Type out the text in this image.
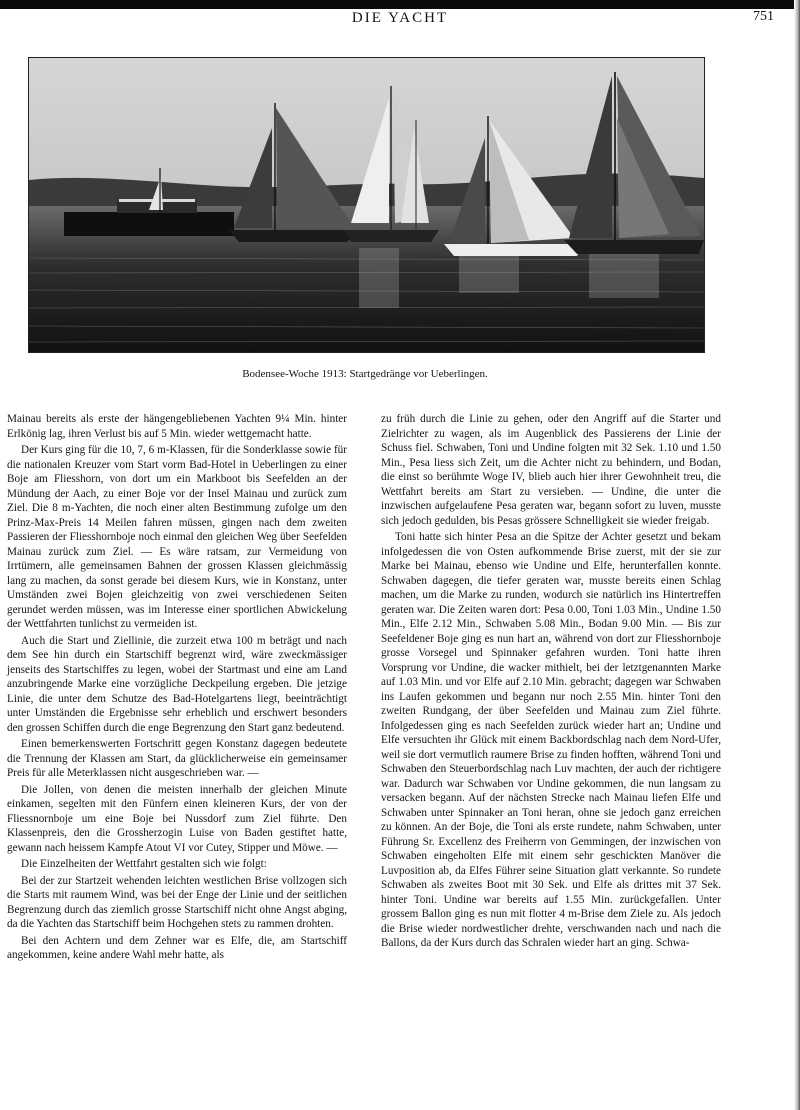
DIE YACHT	751
Bodensee-Woche 1913: Startgedränge vor Ueberlingen.

Mainau bereits als erste der hängengebliebenen Yachten 9¼ Min. hinter Erlkönig lag, ihren Verlust bis auf 5 Min. wieder wettgemacht hatte.

Der Kurs ging für die 10, 7, 6 m-Klassen, für die Sonderklasse sowie für die nationalen Kreuzer vom Start vorm Bad-Hotel in Ueberlingen zu einer Boje am Fliesshorn, von dort um ein Markboot bis Seefelden an der Mündung der Aach, zu einer Boje vor der Insel Mainau und zurück zum Ziel. Die 8 m-Yachten, die noch einer alten Bestimmung zufolge um den Prinz-Max-Preis 14 Meilen fahren müssen, gingen nach dem zweiten Passieren der Fliesshornboje noch einmal den gleichen Weg über Seefelden Mainau zurück zum Ziel. — Es wäre ratsam, zur Vermeidung von Irrtümern, alle gemeinsamen Bahnen der grossen Klassen gleichmässig lang zu machen, da sonst gerade bei diesem Kurs, wie in Konstanz, unter Umständen zwei Bojen gleichzeitig von zwei verschiedenen Seiten gerundet werden müssen, was im Interesse einer sportlichen Abwickelung der Wettfahrten tunlichst zu vermeiden ist.

Auch die Start und Ziellinie, die zurzeit etwa 100 m beträgt und nach dem See hin durch ein Startschiff begrenzt wird, wäre zweckmässiger jenseits des Startschiffes zu legen, wobei der Startmast und eine am Land anzubringende Marke eine vorzügliche Deckpeilung ergeben. Die jetzige Linie, die unter dem Schutze des Bad-Hotelgartens liegt, beeinträchtigt unter Umständen die Ergebnisse sehr erheblich und erschwert besonders den grossen Schiffen durch die enge Begrenzung den Start ganz bedeutend.

Einen bemerkenswerten Fortschritt gegen Konstanz dagegen bedeutete die Trennung der Klassen am Start, da glücklicherweise ein gemeinsamer Preis für alle Meterklassen nicht ausgeschrieben war. —

Die Jollen, von denen die meisten innerhalb der gleichen Minute einkamen, segelten mit den Fünfern einen kleineren Kurs, der von der Fliessnornboje um eine Boje bei Nussdorf zum Ziel führte. Den Klassenpreis, den die Grossherzogin Luise von Baden gestiftet hatte, gewann nach heissem Kampfe Atout VI vor Cutey, Stipper und Möwe. —

Die Einzelheiten der Wettfahrt gestalten sich wie folgt:

Bei der zur Startzeit wehenden leichten westlichen Brise vollzogen sich die Starts mit raumem Wind, was bei der Enge der Linie und der seitlichen Begrenzung durch das ziemlich grosse Startschiff nicht ohne Angst abging, da die Yachten das Startschiff beim Hochgehen stets zu rammen drohten.

Bei den Achtern und dem Zehner war es Elfe, die, am Startschiff angekommen, keine andere Wahl mehr hatte, als

zu früh durch die Linie zu gehen, oder den Angriff auf die Starter und Zielrichter zu wagen, als im Augenblick des Passierens der Linie der Schuss fiel. Schwaben, Toni und Undine folgten mit 32 Sek. 1.10 und 1.50 Min., Pesa liess sich Zeit, um die Achter nicht zu behindern, und Bodan, die einst so berühmte Woge IV, blieb auch hier ihrer Gewohnheit treu, die Wettfahrt bereits am Start zu versieben. — Undine, die unter die inzwischen aufgelaufene Pesa geraten war, begann sofort zu luven, musste sich jedoch gedulden, bis Pesas grössere Schnelligkeit sie wieder freigab.

Toni hatte sich hinter Pesa an die Spitze der Achter gesetzt und bekam infolgedessen die von Osten aufkommende Brise zuerst, mit der sie zur Marke bei Mainau, ebenso wie Undine und Elfe, herunterfallen konnte. Schwaben dagegen, die tiefer geraten war, musste bereits einen Schlag machen, um die Marke zu runden, wodurch sie natürlich ins Hintertreffen geraten war. Die Zeiten waren dort: Pesa 0.00, Toni 1.03 Min., Undine 1.50 Min., Elfe 2.12 Min., Schwaben 5.08 Min., Bodan 9.00 Min. — Bis zur Seefeldener Boje ging es nun hart an, während von dort zur Fliesshornboje grosse Vorsegel und Spinnaker gefahren wurden. Toni hatte ihren Vorsprung vor Undine, die wacker mithielt, bei der letztgenannten Marke auf 1.03 Min. und vor Elfe auf 2.10 Min. gebracht; dagegen war Schwaben ins Laufen gekommen und begann nur noch 2.55 Min. hinter Toni den zweiten Rundgang, der über Seefelden und Mainau zum Ziel führte. Infolgedessen ging es nach Seefelden zurück wieder hart an; Undine und Elfe versuchten ihr Glück mit einem Backbordschlag nach dem Nord-Ufer, weil sie dort vermutlich raumere Brise zu finden hofften, während Toni und Schwaben den Steuerbordschlag nach Luv machten, der auch der richtigere war. Dadurch war Schwaben vor Undine gekommen, die nun langsam zu versacken begann. Auf der nächsten Strecke nach Mainau liefen Elfe und Schwaben unter Spinnaker an Toni heran, ohne sie jedoch ganz erreichen zu können. An der Boje, die Toni als erste rundete, nahm Schwaben, unter Führung Sr. Excellenz des Freiherrn von Gemmingen, der inzwischen von Schwaben eingeholten Elfe mit einem sehr geschickten Manöver die Luvposition ab, da Elfes Führer seine Situation glatt verkannte. So rundete Schwaben als zweites Boot mit 30 Sek. und Elfe als drittes mit 37 Sek. hinter Toni. Undine war bereits auf 1.55 Min. zurückgefallen. Unter grossem Ballon ging es nun mit flotter 4 m-Brise dem Ziele zu. Als jedoch die Brise wieder nordwestlicher drehte, verschwanden nach und nach die Ballons, da der Kurs durch das Schralen wieder hart an ging. Schwa-
